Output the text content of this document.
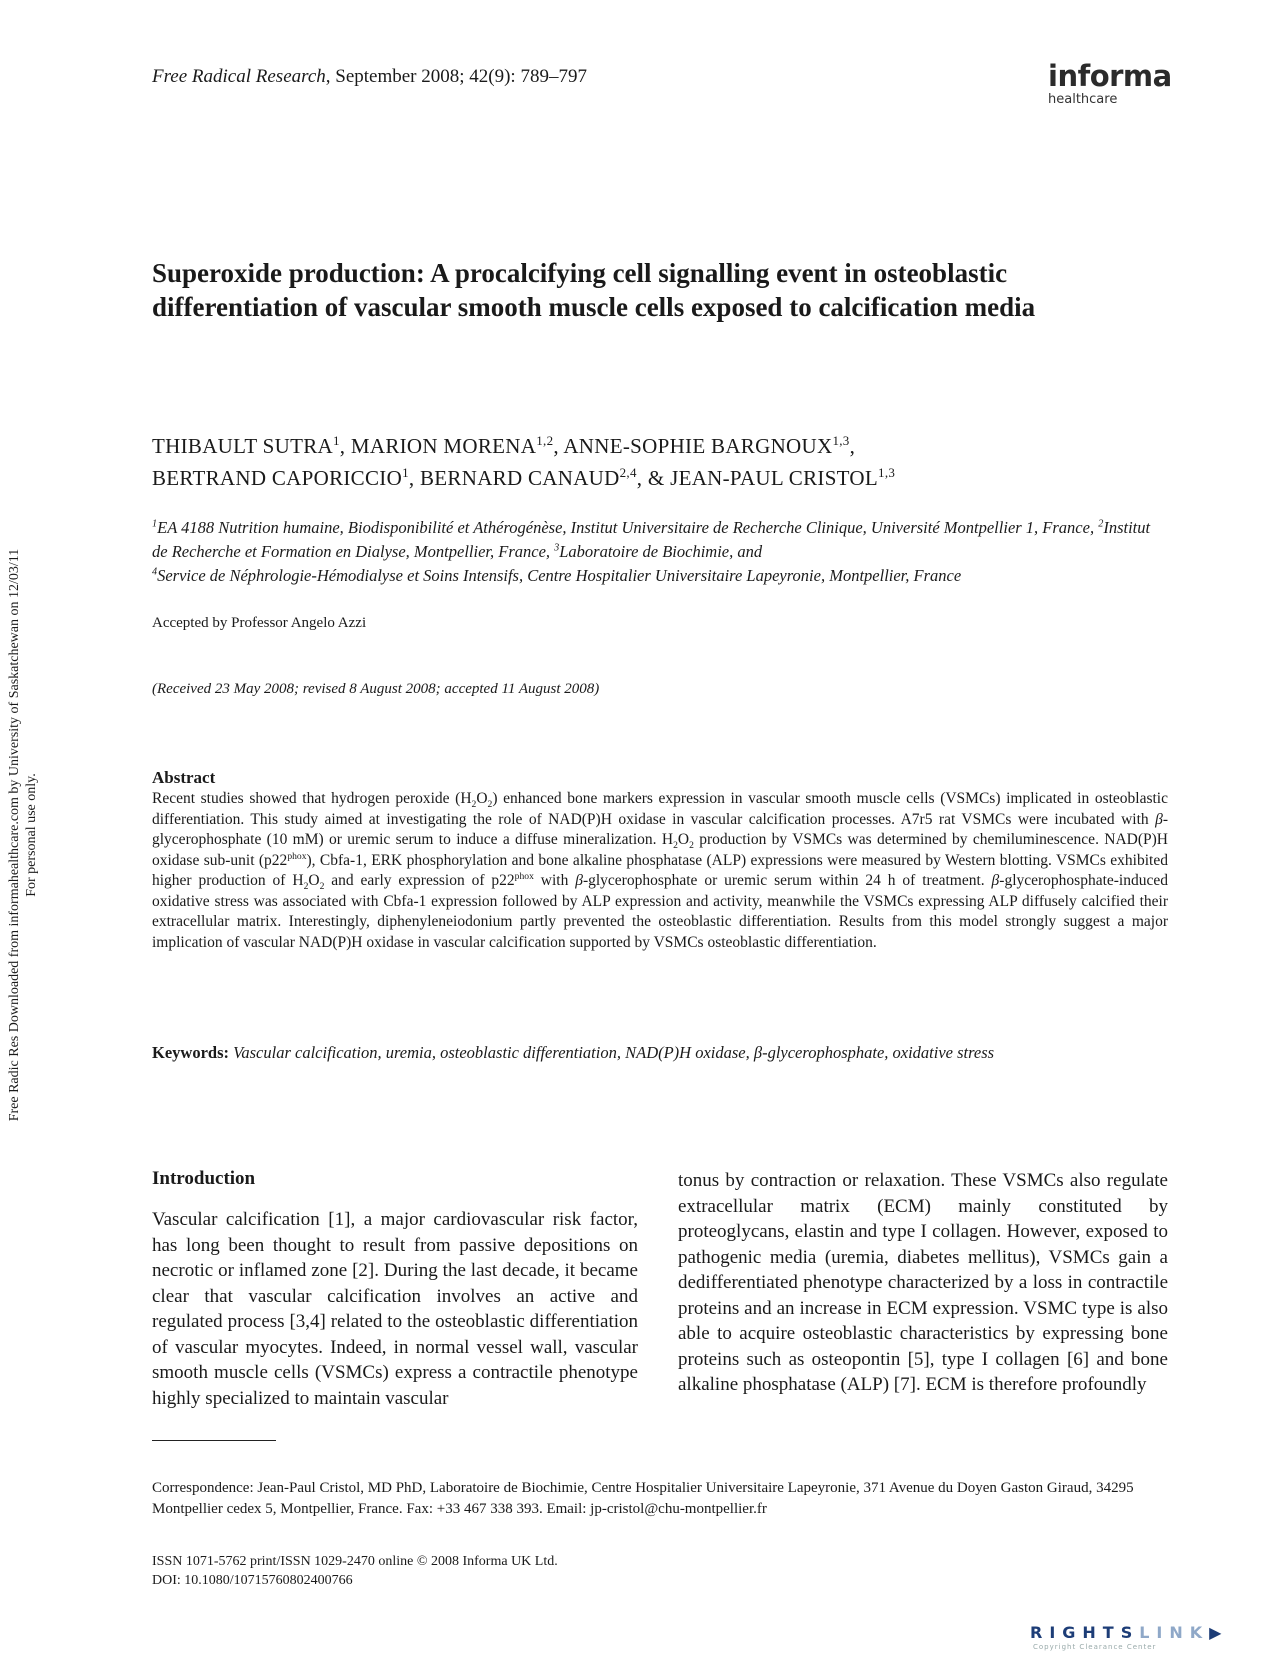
Free Radical Research, September 2008; 42(9): 789–797	informa
healthcare
Superoxide production: A procalcifying cell signalling event in osteoblastic differentiation of vascular smooth muscle cells exposed to calcification media
THIBAULT SUTRA$^1$, MARION MORENA$^{1,2}$, ANNE-SOPHIE BARGNOUX$^{1,3}$,
BERTRAND CAPORICCIO$^1$, BERNARD CANAUD$^{2,4}$, & JEAN-PAUL CRISTOL$^{1,3}$
$^1$EA 4188 Nutrition humaine, Biodisponibilité et Athérogénèse, Institut Universitaire de Recherche Clinique, Université Montpellier 1, France, $^2$Institut de Recherche et Formation en Dialyse, Montpellier, France, $^3$Laboratoire de Biochimie, and
$^4$Service de Néphrologie-Hémodialyse et Soins Intensifs, Centre Hospitalier Universitaire Lapeyronie, Montpellier, France
Accepted by Professor Angelo Azzi
(Received 23 May 2008; revised 8 August 2008; accepted 11 August 2008)
Abstract
Recent studies showed that hydrogen peroxide $(H_2O_2)$ enhanced bone markers expression in vascular smooth muscle cells (VSMCs) implicated in osteoblastic differentiation. This study aimed at investigating the role of NAD(P)H oxidase in vascular calcification processes. A7r5 rat VSMCs were incubated with β-glycerophosphate (10 mM) or uremic serum to induce a diffuse mineralization. $H_2O_2$ production by VSMCs was determined by chemiluminescence. NAD(P)H oxidase sub-unit $(p22^{phox})$, Cbfa-1, ERK phosphorylation and bone alkaline phosphatase (ALP) expressions were measured by Western blotting. VSMCs exhibited higher production of $H_2O_2$ and early expression of $p22^{phox}$ with β-glycerophosphate or uremic serum within 24 h of treatment. β-glycerophosphate-induced oxidative stress was associated with Cbfa-1 expression followed by ALP expression and activity, meanwhile the VSMCs expressing ALP diffusely calcified their extracellular matrix. Interestingly, diphenyleneiodonium partly prevented the osteoblastic differentiation. Results from this model strongly suggest a major implication of vascular NAD(P)H oxidase in vascular calcification supported by VSMCs osteoblastic differentiation.
Keywords: Vascular calcification, uremia, osteoblastic differentiation, NAD(P)H oxidase, β-glycerophosphate, oxidative stress
Introduction
Vascular calcification [1], a major cardiovascular risk factor, has long been thought to result from passive depositions on necrotic or inflamed zone [2]. During the last decade, it became clear that vascular calcification involves an active and regulated process [3,4] related to the osteoblastic differentiation of vascular myocytes. Indeed, in normal vessel wall, vascular smooth muscle cells (VSMCs) express a contractile phenotype highly specialized to maintain vascular
tonus by contraction or relaxation. These VSMCs also regulate extracellular matrix (ECM) mainly constituted by proteoglycans, elastin and type I collagen. However, exposed to pathogenic media (uremia, diabetes mellitus), VSMCs gain a dedifferentiated phenotype characterized by a loss in contractile proteins and an increase in ECM expression. VSMC type is also able to acquire osteoblastic characteristics by expressing bone proteins such as osteopontin [5], type I collagen [6] and bone alkaline phosphatase (ALP) [7]. ECM is therefore profoundly
Correspondence: Jean-Paul Cristol, MD PhD, Laboratoire de Biochimie, Centre Hospitalier Universitaire Lapeyronie, 371 Avenue du Doyen Gaston Giraud, 34295 Montpellier cedex 5, Montpellier, France. Fax: +33 467 338 393. Email: jp-cristol@chu-montpellier.fr
ISSN 1071-5762 print/ISSN 1029-2470 online © 2008 Informa UK Ltd.
DOI: 10.1080/10715760802400766
Free Radic Res Downloaded from informahealthcare.com by University of Saskatchewan on 12/03/11 For personal use only.
RIGHTSLINK▶
Copyright Clearance Center
